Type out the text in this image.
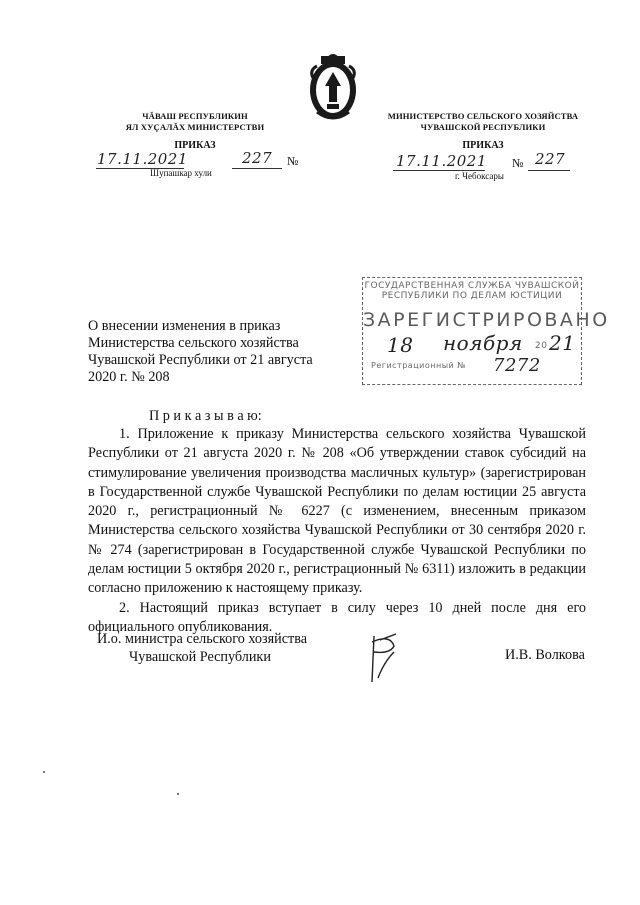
ЧĂВАШ РЕСПУБЛИКИН
ЯЛ ХУҪАЛĂХ МИНИСТЕРСТВИ
ПРИКАЗ
17.11.2021	227 №
Шупашкар хули
МИНИСТЕРСТВО СЕЛЬСКОГО ХОЗЯЙСТВА
ЧУВАШСКОЙ РЕСПУБЛИКИ
ПРИКАЗ
17.11.2021 № 227
г. Чебоксары
ГОСУДАРСТВЕННАЯ СЛУЖБА ЧУВАШСКОЙ
РЕСПУБЛИКИ ПО ДЕЛАМ ЮСТИЦИИ
ЗАРЕГИСТРИРОВАНО
18 ноября 20 21
Регистрационный № 7272
О внесении изменения в приказ
Министерства сельского хозяйства
Чувашской Республики от 21 августа
2020 г. № 208
П р и к а з ы в а ю:

1. Приложение к приказу Министерства сельского хозяйства Чувашской Республики от 21 августа 2020 г. № 208 «Об утверждении ставок субсидий на стимулирование увеличения производства масличных культур» (зарегистрирован в Государственной службе Чувашской Республики по делам юстиции 25 августа 2020 г., регистрационный № 6227 (с изменением, внесенным приказом Министерства сельского хозяйства Чувашской Республики от 30 сентября 2020 г. № 274 (зарегистрирован в Государственной службе Чувашской Республики по делам юстиции 5 октября 2020 г., регистрационный № 6311) изложить в редакции согласно приложению к настоящему приказу.

2. Настоящий приказ вступает в силу через 10 дней после дня его официального опубликования.

И.о. министра сельского хозяйства
Чувашской Республики	И.В. Волкова
